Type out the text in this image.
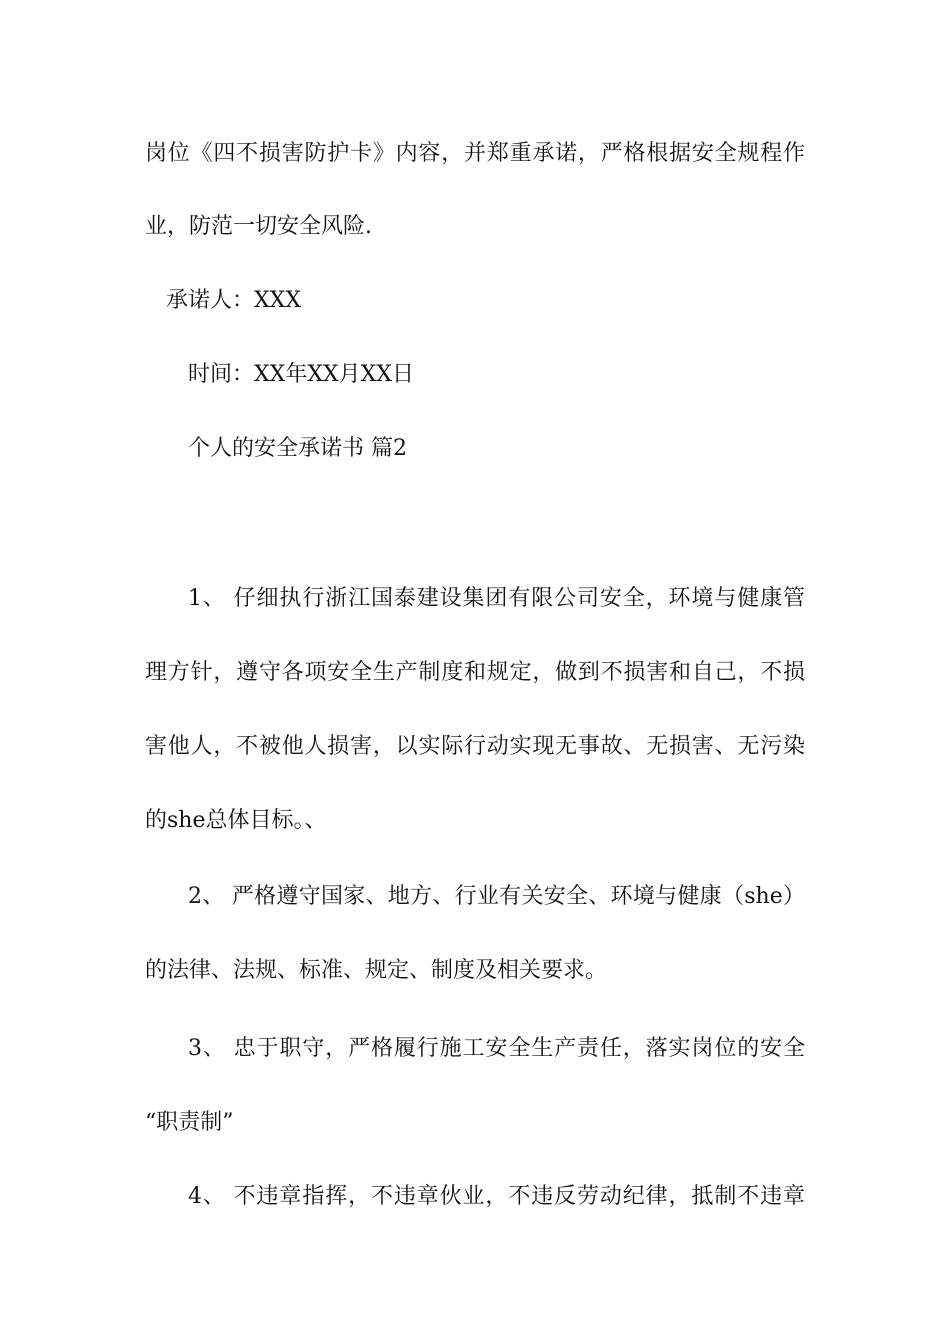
岗位《四不损害防护卡》内容，并郑重承诺，严格根据安全规程作
业，防范一切安全风险.
承诺人：XXX
时间：XX年XX月XX日
个人的安全承诺书 篇2
1、 仔细执行浙江国泰建设集团有限公司安全，环境与健康管
理方针，遵守各项安全生产制度和规定，做到不损害和自己，不损
害他人，不被他人损害，以实际行动实现无事故、无损害、无污染
的she总体目标。、
2、 严格遵守国家、地方、行业有关安全、环境与健康（she）
的法律、法规、标准、规定、制度及相关要求。
3、 忠于职守，严格履行施工安全生产责任，落实岗位的安全
“职责制”
4、 不违章指挥，不违章伙业，不违反劳动纪律，抵制不违章
